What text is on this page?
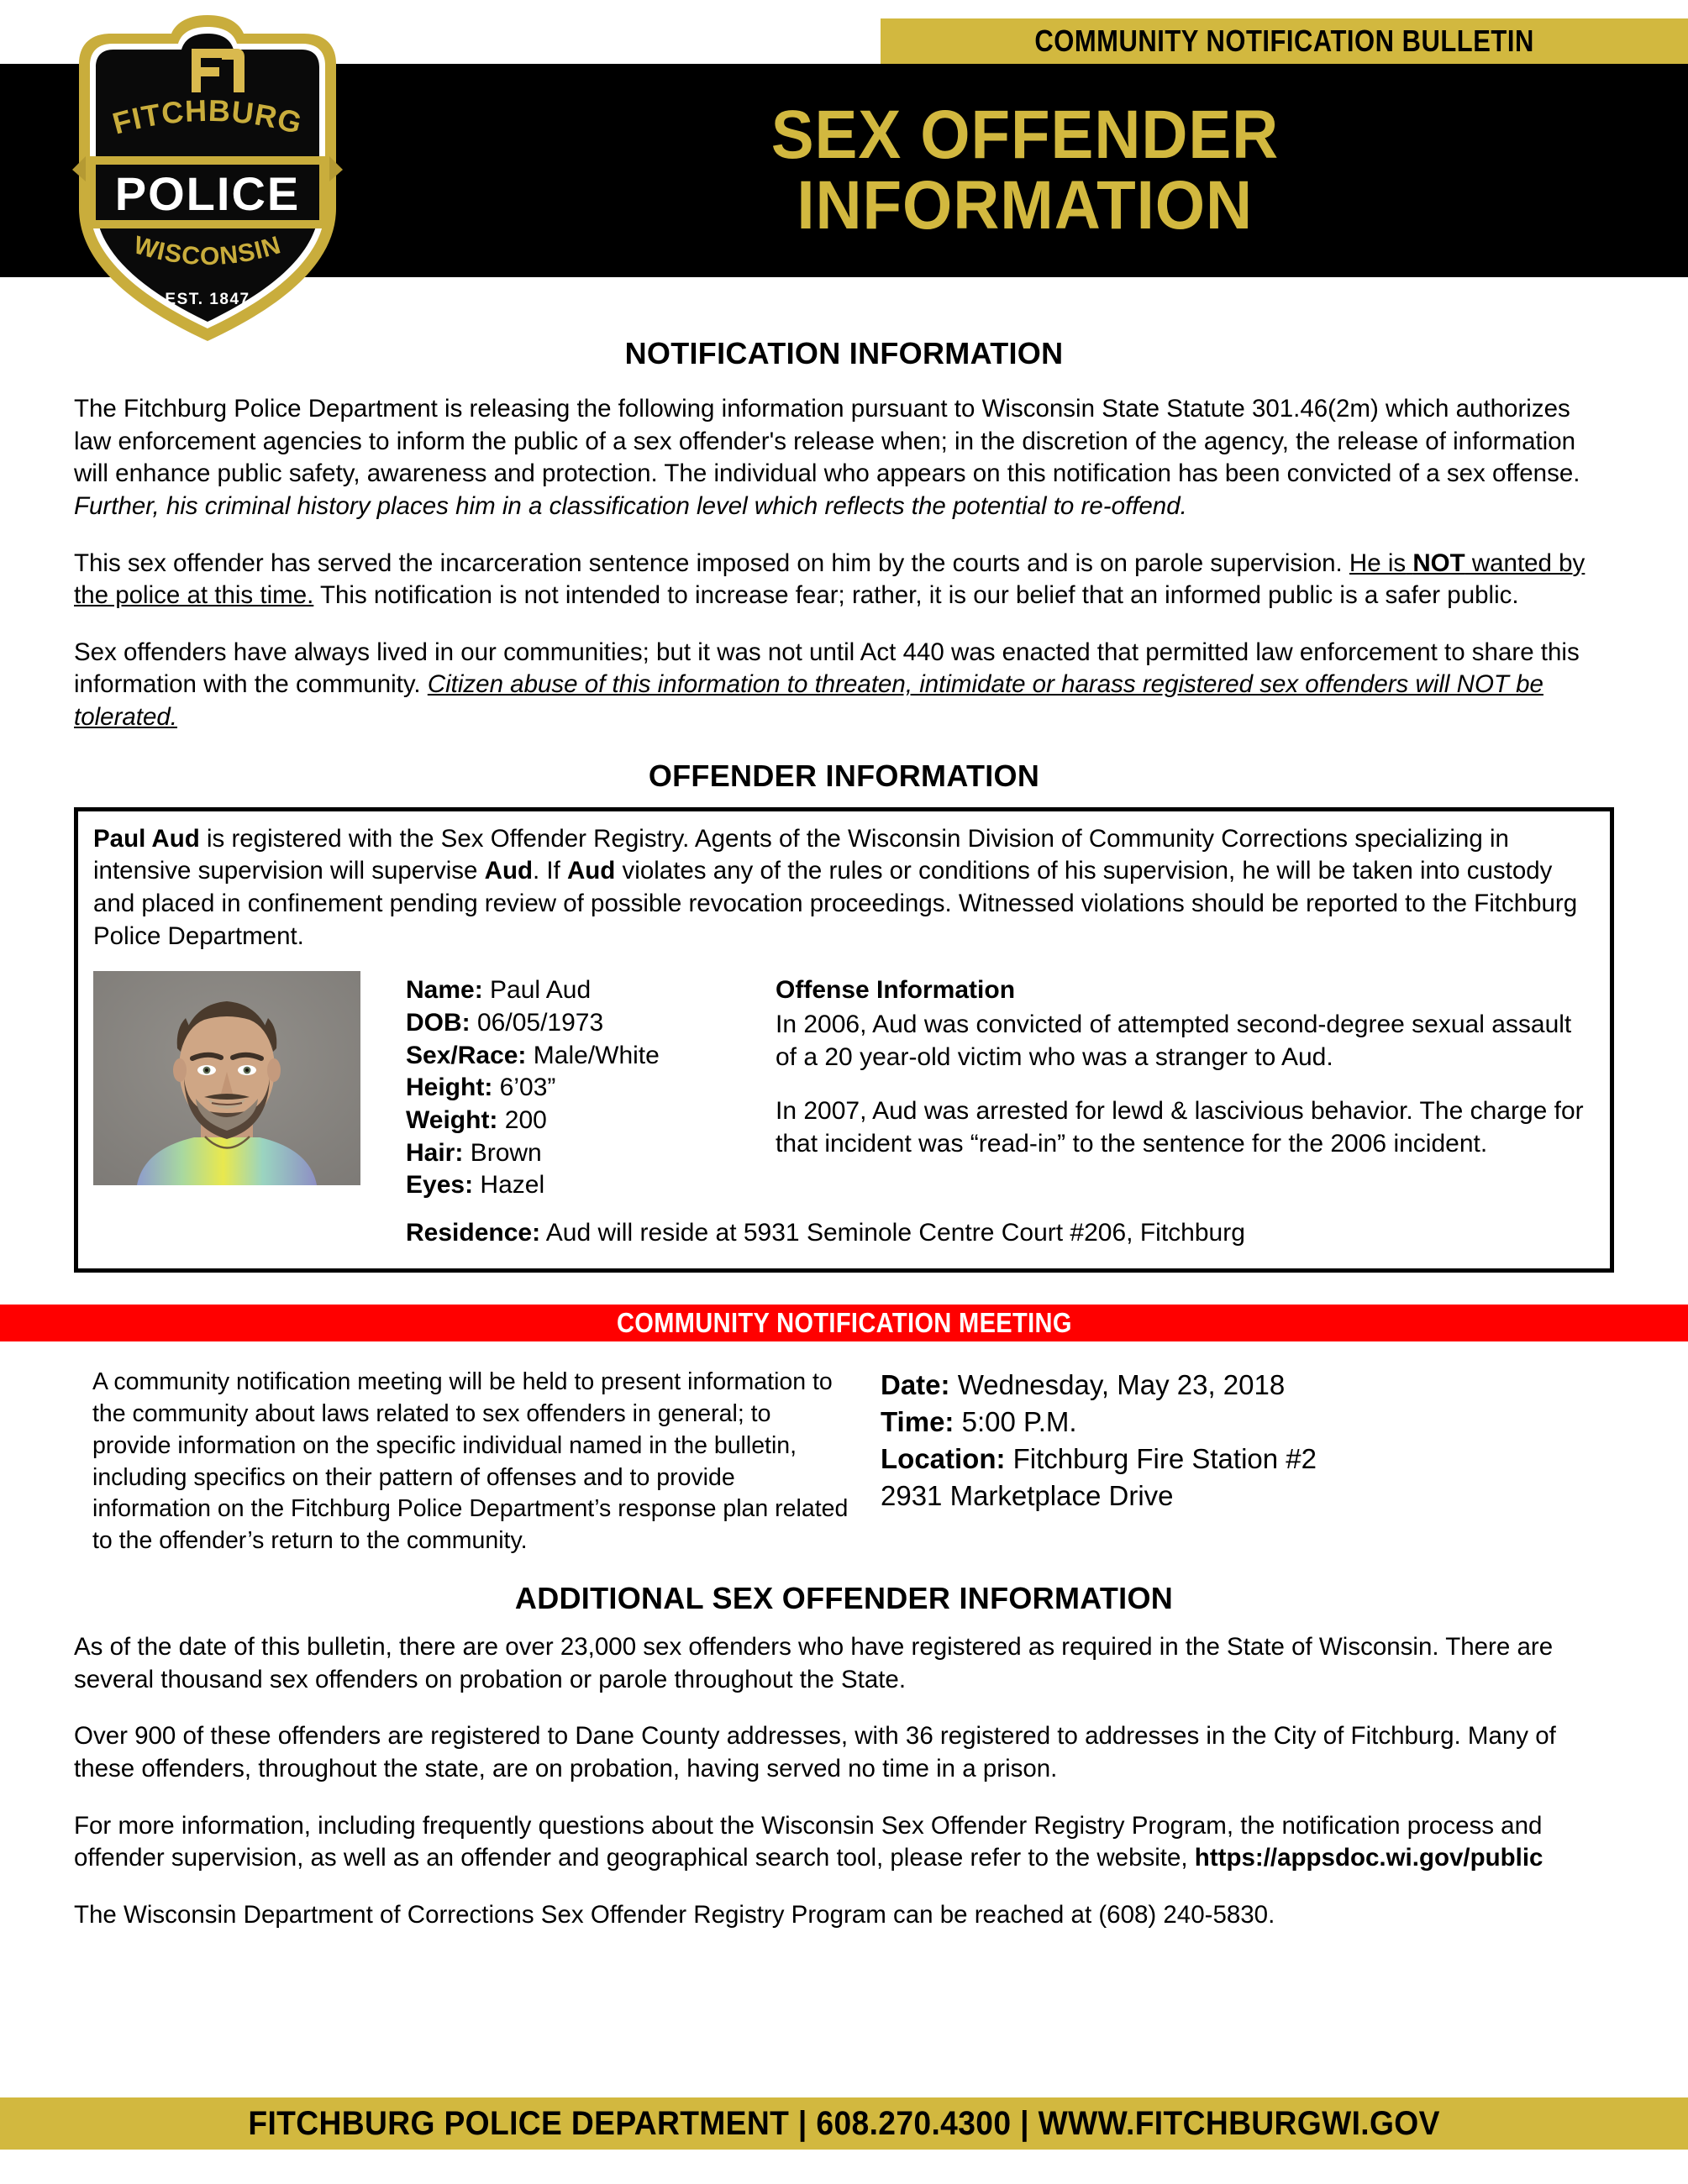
COMMUNITY NOTIFICATION BULLETIN
SEX OFFENDER
INFORMATION
FITCHBURG
POLICE
WISCONSIN
EST. 1847
NOTIFICATION INFORMATION

The Fitchburg Police Department is releasing the following information pursuant to Wisconsin State Statute 301.46(2m) which authorizes law enforcement agencies to inform the public of a sex offender's release when; in the discretion of the agency, the release of information will enhance public safety, awareness and protection. The individual who appears on this notification has been convicted of a sex offense. Further, his criminal history places him in a classification level which reflects the potential to re-offend.

This sex offender has served the incarceration sentence imposed on him by the courts and is on parole supervision. He is NOT wanted by the police at this time. This notification is not intended to increase fear; rather, it is our belief that an informed public is a safer public.

Sex offenders have always lived in our communities; but it was not until Act 440 was enacted that permitted law enforcement to share this information with the community. Citizen abuse of this information to threaten, intimidate or harass registered sex offenders will NOT be tolerated.

OFFENDER INFORMATION

Paul Aud is registered with the Sex Offender Registry. Agents of the Wisconsin Division of Community Corrections specializing in intensive supervision will supervise Aud. If Aud violates any of the rules or conditions of his supervision, he will be taken into custody and placed in confinement pending review of possible revocation proceedings. Witnessed violations should be reported to the Fitchburg Police Department.

Name: Paul Aud
DOB: 06/05/1973
Sex/Race: Male/White
Height: 6’03”
Weight: 200
Hair: Brown
Eyes: Hazel
Offense Information

In 2006, Aud was convicted of attempted second-degree sexual assault of a 20 year-old victim who was a stranger to Aud.

In 2007, Aud was arrested for lewd & lascivious behavior. The charge for that incident was “read-in” to the sentence for the 2006 incident.

Residence: Aud will reside at 5931 Seminole Centre Court #206, Fitchburg
COMMUNITY NOTIFICATION MEETING

A community notification meeting will be held to present information to the community about laws related to sex offenders in general; to provide information on the specific individual named in the bulletin, including specifics on their pattern of offenses and to provide information on the Fitchburg Police Department’s response plan related to the offender’s return to the community.

Date: Wednesday, May 23, 2018
Time: 5:00 P.M.
Location: Fitchburg Fire Station #2
2931 Marketplace Drive
ADDITIONAL SEX OFFENDER INFORMATION

As of the date of this bulletin, there are over 23,000 sex offenders who have registered as required in the State of Wisconsin. There are several thousand sex offenders on probation or parole throughout the State.

Over 900 of these offenders are registered to Dane County addresses, with 36 registered to addresses in the City of Fitchburg. Many of these offenders, throughout the state, are on probation, having served no time in a prison.

For more information, including frequently questions about the Wisconsin Sex Offender Registry Program, the notification process and offender supervision, as well as an offender and geographical search tool, please refer to the website, https://appsdoc.wi.gov/public

The Wisconsin Department of Corrections Sex Offender Registry Program can be reached at (608) 240-5830.

FITCHBURG POLICE DEPARTMENT | 608.270.4300 | WWW.FITCHBURGWI.GOV
